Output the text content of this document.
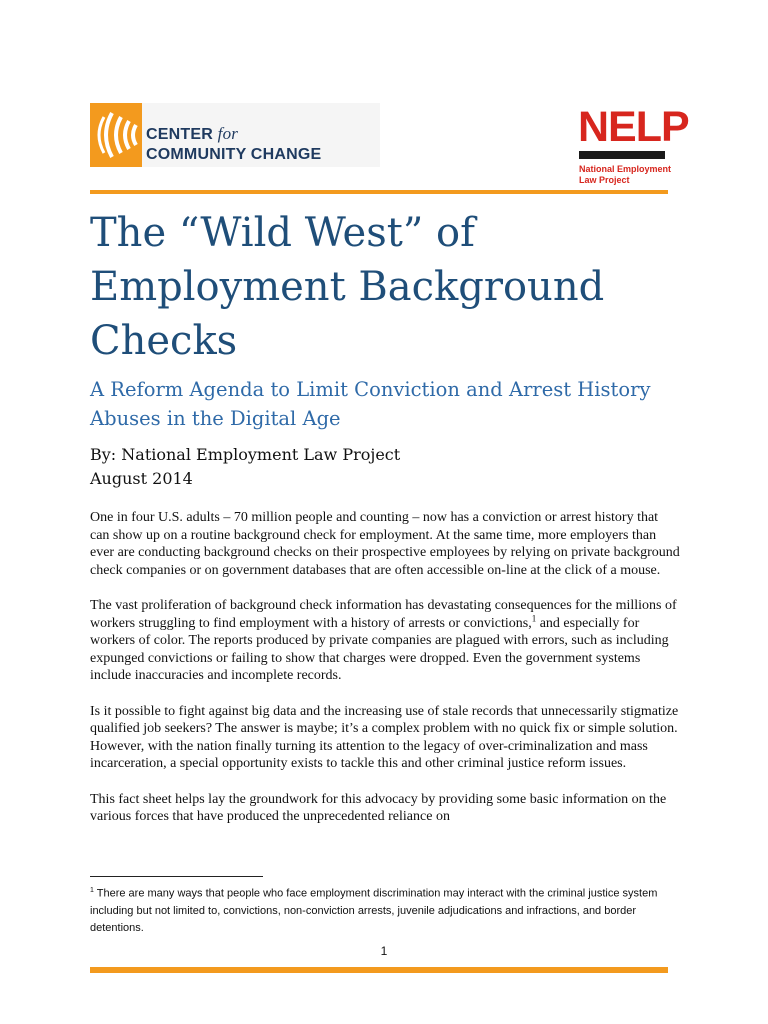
CENTER for
COMMUNITY CHANGE
NELP
National Employment Law Project
The “Wild West” of
Employment Background
Checks
A Reform Agenda to Limit Conviction and Arrest History
Abuses in the Digital Age
By: National Employment Law Project
August 2014

One in four U.S. adults – 70 million people and counting – now has a conviction or arrest history that can show up on a routine background check for employment. At the same time, more employers than ever are conducting background checks on their prospective employees by relying on private background check companies or on government databases that are often accessible on-line at the click of a mouse.

The vast proliferation of background check information has devastating consequences for the millions of workers struggling to find employment with a history of arrests or convictions,$^1$ and especially for workers of color. The reports produced by private companies are plagued with errors, such as including expunged convictions or failing to show that charges were dropped. Even the government systems include inaccuracies and incomplete records.

Is it possible to fight against big data and the increasing use of stale records that unnecessarily stigmatize qualified job seekers? The answer is maybe; it’s a complex problem with no quick fix or simple solution. However, with the nation finally turning its attention to the legacy of over-criminalization and mass incarceration, a special opportunity exists to tackle this and other criminal justice reform issues.

This fact sheet helps lay the groundwork for this advocacy by providing some basic information on the various forces that have produced the unprecedented reliance on

$^1$ There are many ways that people who face employment discrimination may interact with the criminal justice system including but not limited to, convictions, non-conviction arrests, juvenile adjudications and infractions, and border detentions.
1
